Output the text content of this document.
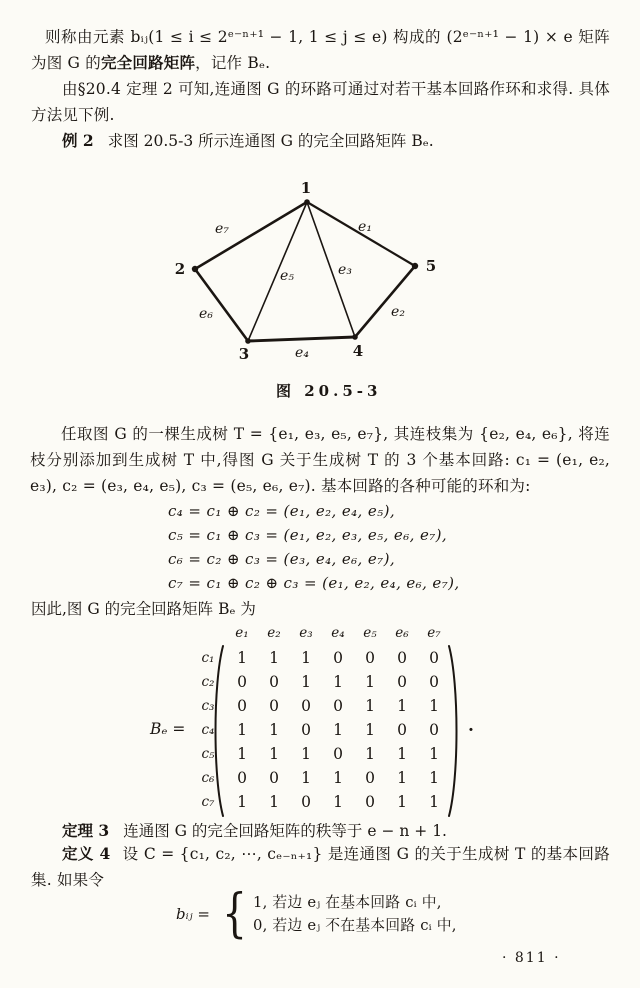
则称由元素 bᵢⱼ(1 ≤ i ≤ 2ᵉ⁻ⁿ⁺¹ − 1, 1 ≤ j ≤ e) 构成的 (2ᵉ⁻ⁿ⁺¹ − 1) × e 矩阵为图 G 的完全回路矩阵，记作 Bₑ.
由§20.4 定理 2 可知,连通图 G 的环路可通过对若干基本回路作环和求得. 具体方法见下例.
例 2 求图 20.5-3 所示连通图 G 的完全回路矩阵 Bₑ.
1
2	5
3	4
e₇	e₁
e₅	e₃
e₆	e₂
e₄
图 20.5-3
任取图 G 的一棵生成树 T = {e₁, e₃, e₅, e₇}, 其连枝集为 {e₂, e₄, e₆}, 将连枝分别添加到生成树 T 中,得图 G 关于生成树 T 的 3 个基本回路: c₁ = (e₁, e₂, e₃), c₂ = (e₃, e₄, e₅), c₃ = (e₅, e₆, e₇). 基本回路的各种可能的环和为:
c₄ = c₁ ⊕ c₂ = (e₁, e₂, e₄, e₅),
c₅ = c₁ ⊕ c₃ = (e₁, e₂, e₃, e₅, e₆, e₇),
c₆ = c₂ ⊕ c₃ = (e₃, e₄, e₆, e₇),
c₇ = c₁ ⊕ c₂ ⊕ c₃ = (e₁, e₂, e₄, e₆, e₇),
因此,图 G 的完全回路矩阵 Bₑ 为
Bₑ =
e₁	e₂	e₃	e₄	e₅	e₆	e₇
c₁	1	1	1	0	0	0	0
c₂	0	0	1	1	1	0	0
c₃	0	0	0	0	1	1	1
c₄	1	1	0	1	1	0	0
c₅	1	1	1	0	1	1	1
c₆	0	0	1	1	0	1	1
c₇	1	1	0	1	0	1	1
.
定理 3 连通图 G 的完全回路矩阵的秩等于 e − n + 1.
定义 4 设 C = {c₁, c₂, ⋯, cₑ₋ₙ₊₁} 是连通图 G 的关于生成树 T 的基本回路集. 如果令
bᵢⱼ = { 1, 若边 eⱼ 在基本回路 cᵢ 中,
0, 若边 eⱼ 不在基本回路 cᵢ 中,
· 811 ·
